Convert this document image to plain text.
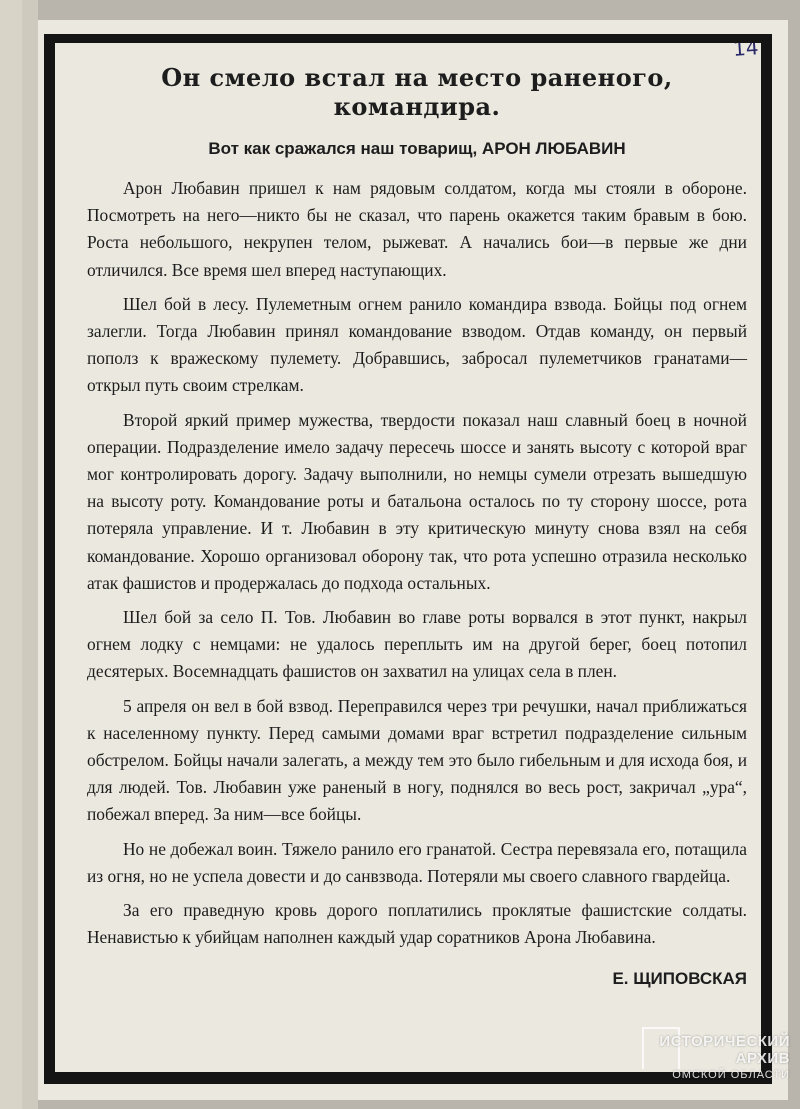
14
Он смело встал на место раненого, командира.
Вот как сражался наш товарищ, АРОН ЛЮБАВИН

Арон Любавин пришел к нам рядовым солдатом, когда мы стояли в обороне. Посмотреть на него—никто бы не сказал, что парень окажется таким бравым в бою. Роста небольшого, некрупен телом, рыжеват. А начались бои—в первые же дни отличился. Все время шел вперед наступающих.

Шел бой в лесу. Пулеметным огнем ранило командира взвода. Бойцы под огнем залегли. Тогда Любавин принял командование взводом. Отдав команду, он первый пополз к вражескому пулемету. Добравшись, забросал пулеметчиков гранатами—открыл путь своим стрелкам.

Второй яркий пример мужества, твердости показал наш славный боец в ночной операции. Подразделение имело задачу пересечь шоссе и занять высоту с которой враг мог контролировать дорогу. Задачу выполнили, но немцы сумели отрезать вышедшую на высоту роту. Командование роты и батальона осталось по ту сторону шоссе, рота потеряла управление. И т. Любавин в эту критическую минуту снова взял на себя командование. Хорошо организовал оборону так, что рота успешно отразила несколько атак фашистов и продержалась до подхода остальных.

Шел бой за село П. Тов. Любавин во главе роты ворвался в этот пункт, накрыл огнем лодку с немцами: не удалось переплыть им на другой берег, боец потопил десятерых. Восемнадцать фашистов он захватил на улицах села в плен.

5 апреля он вел в бой взвод. Переправился через три речушки, начал приближаться к населенному пункту. Перед самыми домами враг встретил подразделение сильным обстрелом. Бойцы начали залегать, а между тем это было гибельным и для исхода боя, и для людей. Тов. Любавин уже раненый в ногу, поднялся во весь рост, закричал „ура“, побежал вперед. За ним—все бойцы.

Но не добежал воин. Тяжело ранило его гранатой. Сестра перевязала его, потащила из огня, но не успела довести и до санвзвода. Потеряли мы своего славного гвардейца.

За его праведную кровь дорого поплатились проклятые фашистские солдаты. Ненавистью к убийцам наполнен каждый удар соратников Арона Любавина.

Е. ЩИПОВСКАЯ
ИСТОРИЧЕСКИЙ
АРХИВ
ОМСКОЙ ОБЛАСТИ
